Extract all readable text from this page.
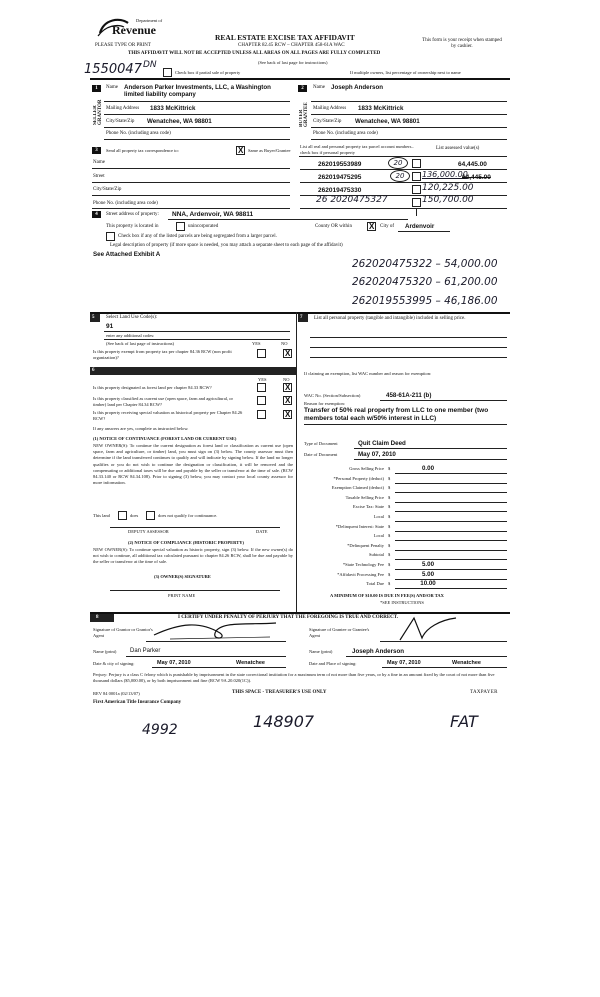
Department of
Revenue
PLEASE TYPE OR PRINT
REAL ESTATE EXCISE TAX AFFIDAVIT
CHAPTER 82.45 RCW – CHAPTER 458-61A WAC
This form is your receipt when stamped by cashier.
THIS AFFIDAVIT WILL NOT BE ACCEPTED UNLESS ALL AREAS ON ALL PAGES ARE FULLY COMPLETED
(See back of last page for instructions)
1550047 DN
Check box if partial sale of property	If multiple owners, list percentage of ownership next to name
1
SELLER GRANTOR
Name Anderson Parker Investments, LLC, a Washington limited liability company
Mailing Address 1833 McKittrick
City/State/Zip Wenatchee, WA 98801
Phone No. (including area code)
2
BUYER GRANTEE
Name Joseph Anderson
Mailing Address 1833 McKittrick
City/State/Zip Wenatchee, WA 98801
Phone No. (including area code)
3	Send all property tax correspondence to: X	Same as Buyer/Grantee
Name
Street
City/State/Zip
Phone No. (including area code)
List all real and personal property tax parcel account numbers–check box if personal property
List assessed value(s)
262019553989	20	64,445.00
262019475295	20	136,000.00
64,445.00
262019475330	120,225.00
26 2020475327	150,700.00
4	Street address of property: NNA, Ardenvoir, WA 98811
This property is located in	unincorporated	County OR within X	City of Ardenvoir
Check box if any of the listed parcels are being segregated from a larger parcel.
Legal description of property (if more space is needed, you may attach a separate sheet to each page of the affidavit)
See Attached Exhibit A
262020475322 – 54,000.00
262020475320 – 61,200.00
262019553995 – 46,186.00
5 Select Land Use Code(s):
91
enter any additional codes:
(See back of last page of instructions)	YES	NO
Is this property exempt from property tax per chapter 84.36 RCW (non profit organization)?
X
7 List all personal property (tangible and intangible) included in selling price.
6
YES	NO
Is this property designated as forest land per chapter 84.33 RCW?
X
Is this property classified as current use (open space, farm and agricultural, or timber) land per Chapter 84.34 RCW?
X
Is this property receiving special valuation as historical property per Chapter 84.26 RCW?
X
If any answers are yes, complete as instructed below.
(1) NOTICE OF CONTINUANCE (FOREST LAND OR CURRENT USE)
NEW OWNER(S): To continue the current designation as forest land or classification as current use (open space, farm and agriculture, or timber) land, you must sign on (3) below. The county assessor must then determine if the land transferred continues to qualify and will indicate by signing below. If the land no longer qualifies or you do not wish to continue the designation or classification, it will be removed and the compensating or additional taxes will be due and payable by the seller or transferor at the time of sale. (RCW 84.33.140 or RCW 84.34.108). Prior to signing (3) below, you may contact your local county assessor for more information.
This land	does	does not qualify for continuance.
DEPUTY ASSESSOR	DATE
(2) NOTICE OF COMPLIANCE (HISTORIC PROPERTY)
NEW OWNER(S): To continue special valuation as historic property, sign (3) below. If the new owner(s) do not wish to continue, all additional tax calculated pursuant to chapter 84.26 RCW, shall be due and payable by the seller or transferor at the time of sale.
(3) OWNER(S) SIGNATURE
PRINT NAME
If claiming an exemption, list WAC number and reason for exemption:
WAC No. (Section/Subsection)	458-61A-211 (b)
Reason for exemption:
Transfer of 50% real property from LLC to one member (two members total each w/50% interest in LLC)
Type of Document	Quit Claim Deed
Date of Document	May 07, 2010
Gross Selling Price $	0.00
*Personal Property (deduct) $
Exemption Claimed (deduct) $
Taxable Selling Price $
Excise Tax: State $
Local $
*Delinquent Interest: State $
Local $
*Delinquent Penalty $
Subtotal $
*State Technology Fee $	5.00
*Affidavit Processing Fee $	5.00
Total Due $	10.00
A MINIMUM OF $10.00 IS DUE IN FEE(S) AND/OR TAX
*SEE INSTRUCTIONS
8	I CERTIFY UNDER PENALTY OF PERJURY THAT THE FOREGOING IS TRUE AND CORRECT.
Signature of Grantor or Grantor's Agent
Signature of Grantee or Grantee's Agent
Name (print) Dan Parker	Name (print)	Joseph Anderson
Date & city of signing:	May 07, 2010	Wenatchee	Date and Place of signing:	May 07, 2010	Wenatchee
Perjury: Perjury is a class C felony which is punishable by imprisonment in the state correctional institution for a maximum term of not more than five years, or by a fine in an amount fixed by the court of not more than five thousand dollars ($5,000.00), or by both imprisonment and fine (RCW 9A.20.020(1C)).
REV 84 0001a (02/13/07)	THIS SPACE - TREASURER'S USE ONLY	TAXPAYER
First American Title Insurance Company
4992	148907	FAT
